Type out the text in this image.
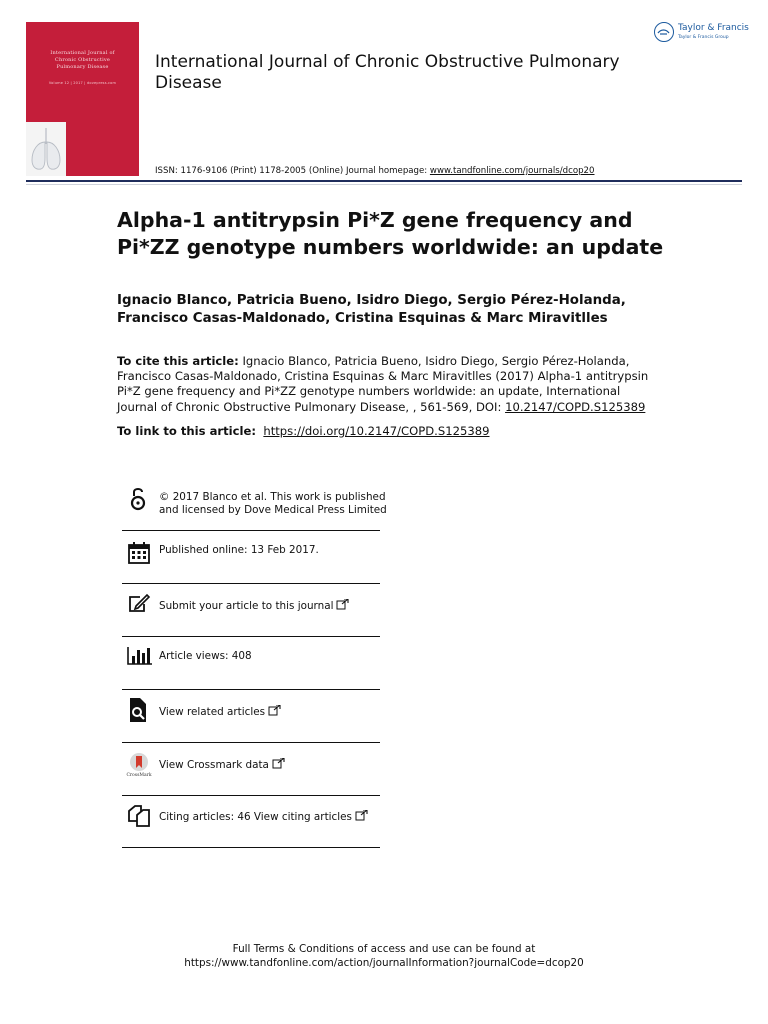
International Journal of
Chronic Obstructive
Pulmonary Disease
Volume 12 | 2017 | dovepress.com
International Journal of Chronic Obstructive Pulmonary Disease
ISSN: 1176-9106 (Print) 1178-2005 (Online) Journal homepage: www.tandfonline.com/journals/dcop20
Taylor & Francis
Taylor & Francis Group
Alpha-1 antitrypsin Pi*Z gene frequency and Pi*ZZ genotype numbers worldwide: an update
Ignacio Blanco, Patricia Bueno, Isidro Diego, Sergio Pérez-Holanda, Francisco Casas-Maldonado, Cristina Esquinas & Marc Miravitlles
To cite this article: Ignacio Blanco, Patricia Bueno, Isidro Diego, Sergio Pérez-Holanda, Francisco Casas-Maldonado, Cristina Esquinas & Marc Miravitlles (2017) Alpha-1 antitrypsin Pi*Z gene frequency and Pi*ZZ genotype numbers worldwide: an update, International Journal of Chronic Obstructive Pulmonary Disease, , 561-569, DOI: 10.2147/COPD.S125389
To link to this article: https://doi.org/10.2147/COPD.S125389
© 2017 Blanco et al. This work is published
and licensed by Dove Medical Press Limited
Published online: 13 Feb 2017.
Submit your article to this journal
Article views: 408
View related articles
CrossMark
View Crossmark data
Citing articles: 46 View citing articles
Full Terms & Conditions of access and use can be found at
https://www.tandfonline.com/action/journalInformation?journalCode=dcop20
